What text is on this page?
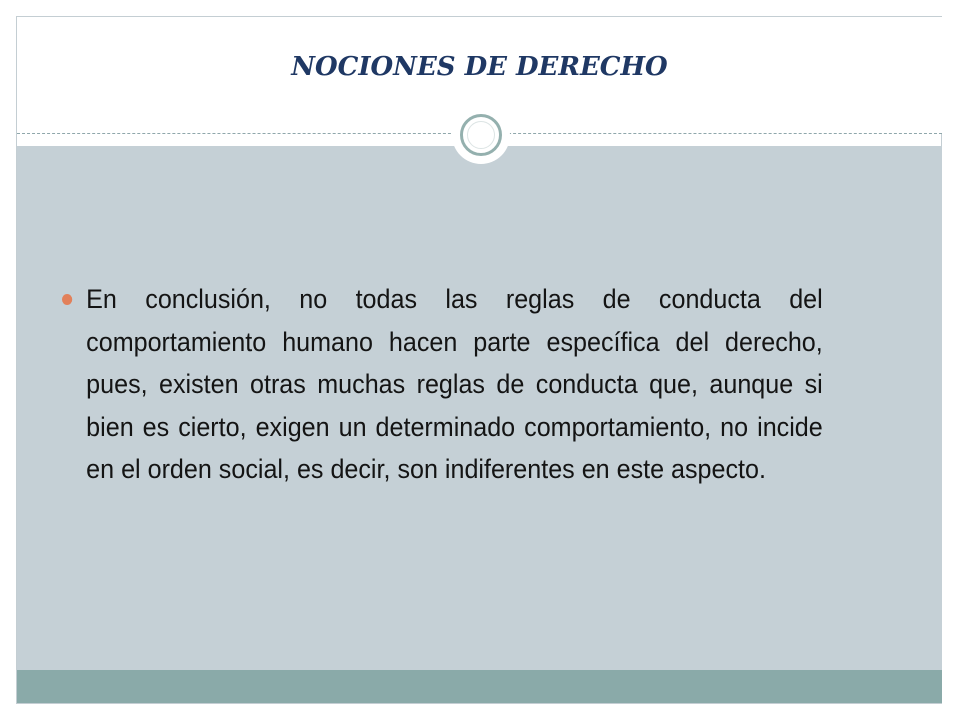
NOCIONES DE DERECHO
En conclusión, no todas las reglas de conducta del comportamiento humano hacen parte específica del derecho, pues, existen otras muchas reglas de conducta que, aunque si bien es cierto, exigen un determinado comportamiento, no incide en el orden social, es decir, son indiferentes en este aspecto.
